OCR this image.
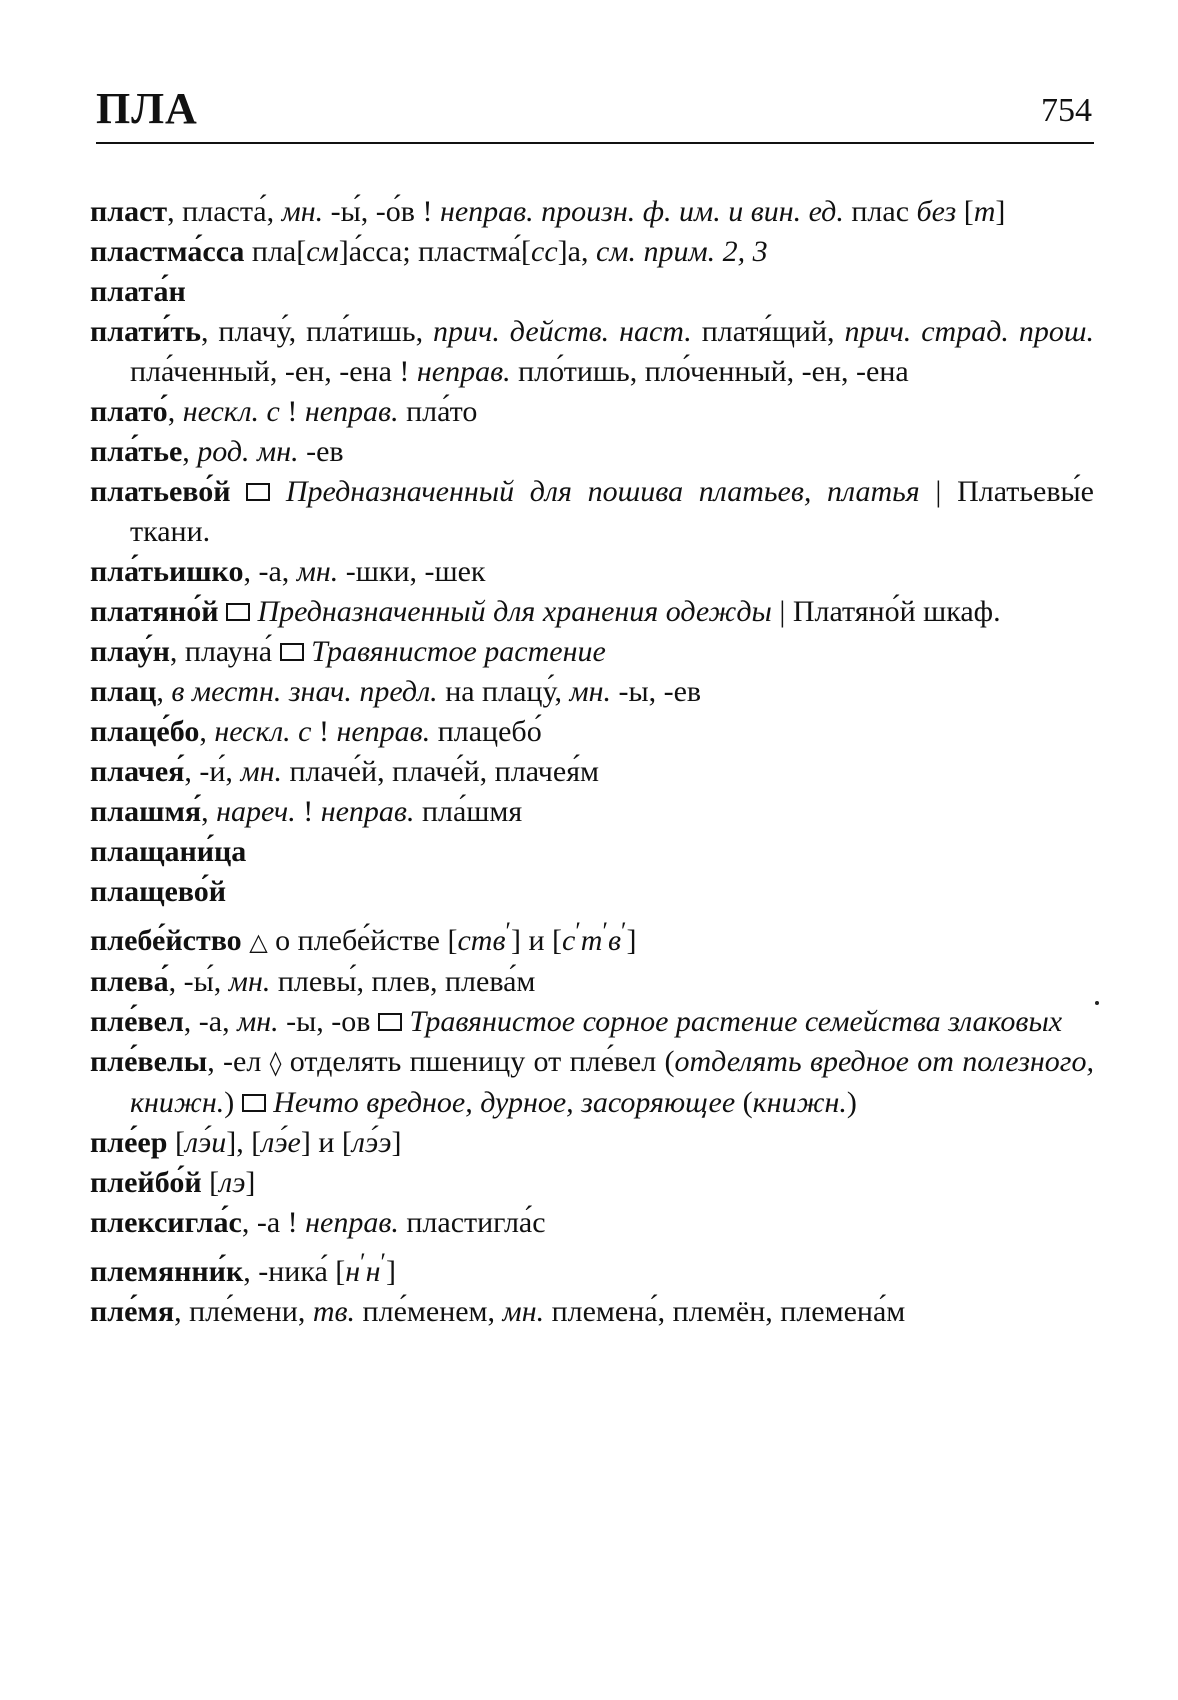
ПЛА	754
пласт, пласта́, мн. -ы́, -о́в ! неправ. произн. ф. им. и вин. ед. плас без [т]
пластма́сса пла[см]а́сса; пластма́[сс]а, см. прим. 2, 3
плата́н
плати́ть, плачу́, пла́тишь, прич. действ. наст. платя́щий, прич. страд. прош. пла́ченный, -ен, -ена ! неправ. пло́тишь, пло́ченный, -ен, -ена
плато́, нескл. с ! неправ. пла́то
пла́тье, род. мн. -ев
платьево́й Предназначенный для пошива платьев, платья | Платьевы́е ткани.
пла́тьишко, -а, мн. -шки, -шек
платяно́й Предназначенный для хранения одежды | Платяно́й шкаф.
плау́н, плауна́  Травянистое растение
плац, в местн. знач. предл. на плацу́, мн. -ы, -ев
плаце́бо, нескл. с ! неправ. плацебо́
плачея́, -и́, мн. плаче́й, плаче́й, плачея́м
плашмя́, нареч. ! неправ. пла́шмя
плащани́ца
плащево́й
плебе́йство △ о плебе́йстве [ств$^ʹ$] и $[с^ʹт^ʹв^ʹ]$
плева́, -ы́, мн. плевы́, плев, плева́м
пле́вел, -а, мн. -ы, -ов  Травянистое сорное растение семейства злаковых
пле́велы, -ел ◊ отделять пшеницу от пле́вел (отделять вредное от полезного, книжн.)  Нечто вредное, дурное, засоряющее (книжн.)
пле́ер [лэ́и], [лэ́е] и [лэ́э]
плейбо́й [лэ]
плексигла́с, -а ! неправ. пластигла́с
племянни́к, -ника́ $[н^ʹн^ʹ]$
пле́мя, пле́мени, тв. пле́менем, мн. племена́, племён, племена́м
